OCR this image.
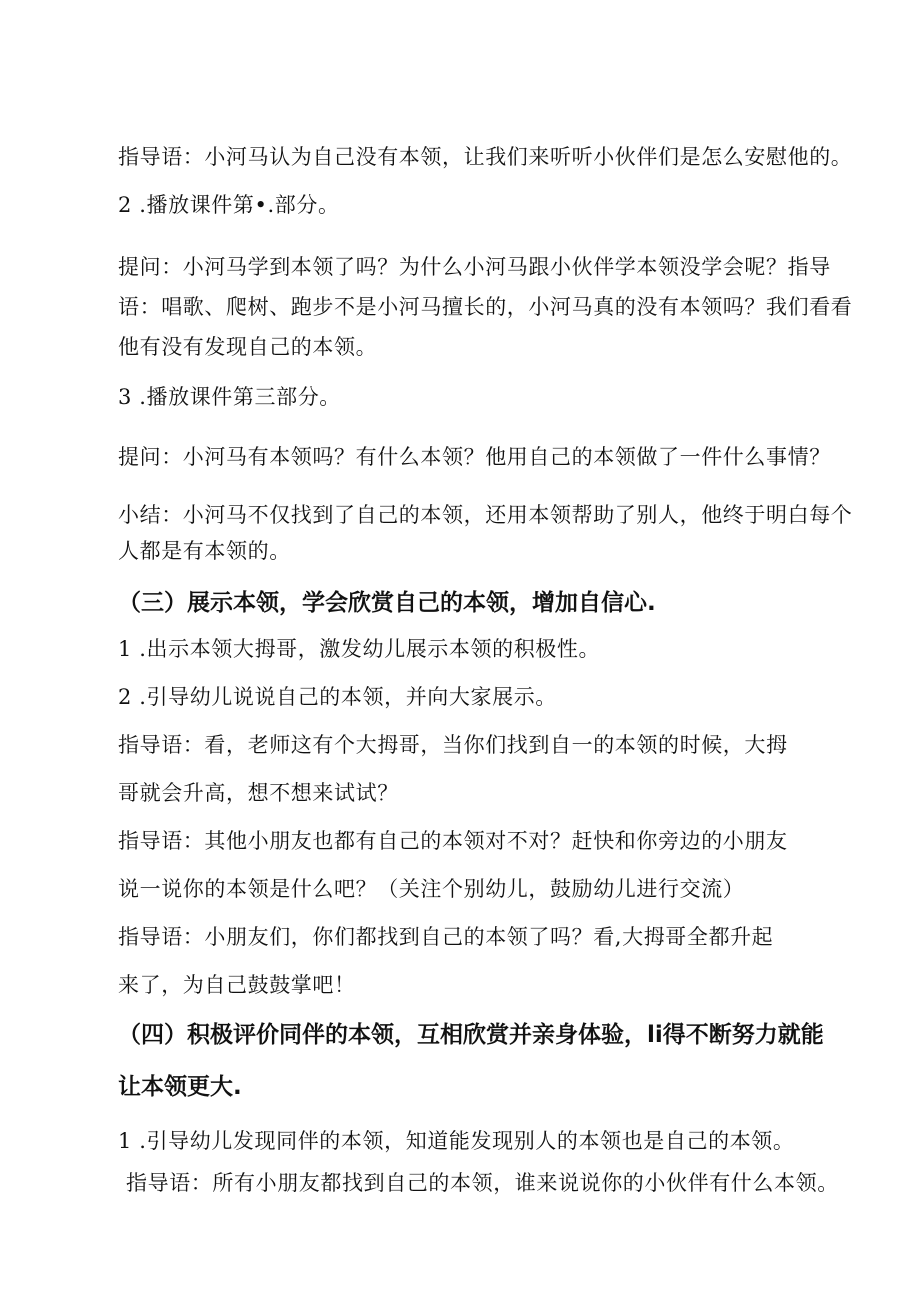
指导语：小河马认为自己没有本领，让我们来听听小伙伴们是怎么安慰他的。

2 .播放课件第•.部分。

提问：小河马学到本领了吗？为什么小河马跟小伙伴学本领没学会呢？指导

语：唱歌、爬树、跑步不是小河马擅长的，小河马真的没有本领吗？我们看看

他有没有发现自己的本领。

3 .播放课件第三部分。

提问：小河马有本领吗？有什么本领？他用自己的本领做了一件什么事情？

小结：小河马不仅找到了自己的本领，还用本领帮助了别人，他终于明白每个

人都是有本领的。

（三）展示本领，学会欣赏自己的本领，增加自信心.

1 .出示本领大拇哥，激发幼儿展示本领的积极性。

2 .引导幼儿说说自己的本领，并向大家展示。

指导语：看，老师这有个大拇哥，当你们找到自一的本领的时候，大拇

哥就会升高，想不想来试试？

指导语：其他小朋友也都有自己的本领对不对？赶快和你旁边的小朋友

说一说你的本领是什么吧？（关注个别幼儿，鼓励幼儿进行交流）

指导语：小朋友们，你们都找到自己的本领了吗？看,大拇哥全都升起

来了，为自己鼓鼓掌吧！

（四）积极评价同伴的本领，互相欣赏并亲身体验，li得不断努力就能

让本领更大.

1 .引导幼儿发现同伴的本领，知道能发现别人的本领也是自己的本领。

指导语：所有小朋友都找到自己的本领，谁来说说你的小伙伴有什么本领。
